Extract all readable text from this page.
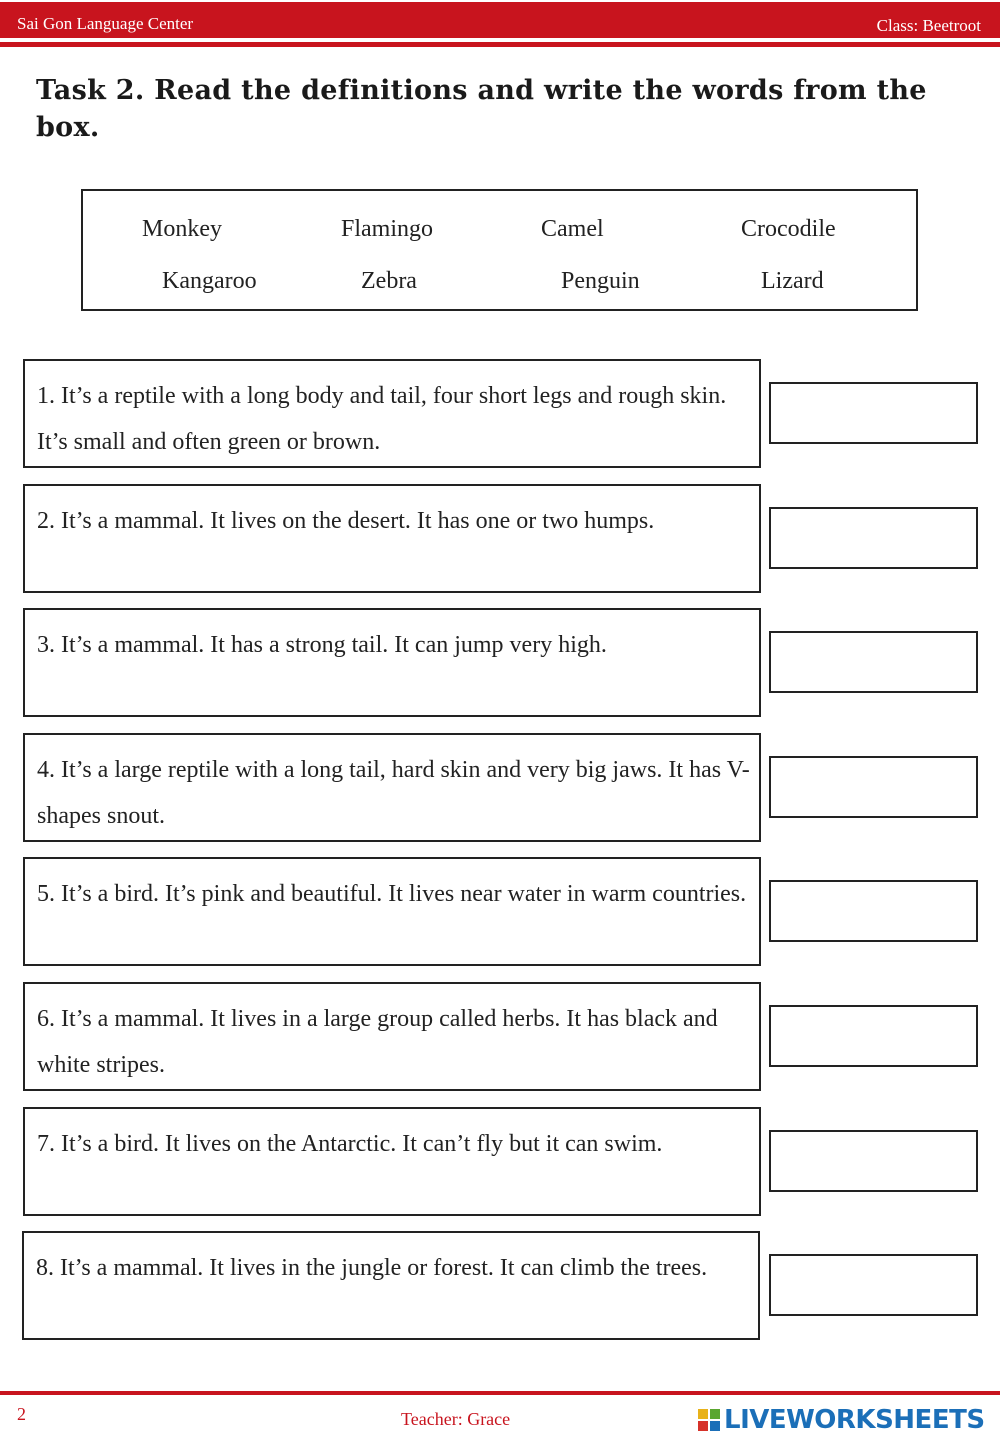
Sai Gon Language Center	Class: Beetroot
Task 2. Read the definitions and write the words from the box.
Monkey	Flamingo	Camel	Crocodile
Kangaroo	Zebra	Penguin	Lizard
1. It’s a reptile with a long body and tail, four short legs and rough skin. It’s small and often green or brown.
2. It’s a mammal. It lives on the desert. It has one or two humps.
3. It’s a mammal. It has a strong tail. It can jump very high.
4. It’s a large reptile with a long tail, hard skin and very big jaws. It has V-shapes snout.
5. It’s a bird. It’s pink and beautiful. It lives near water in warm countries.
6. It’s a mammal. It lives in a large group called herbs. It has black and white stripes.
7. It’s a bird. It lives on the Antarctic. It can’t fly but it can swim.
8. It’s a mammal. It lives in the jungle or forest. It can climb the trees.
2	Teacher: Grace	LIVEWORKSHEETS
